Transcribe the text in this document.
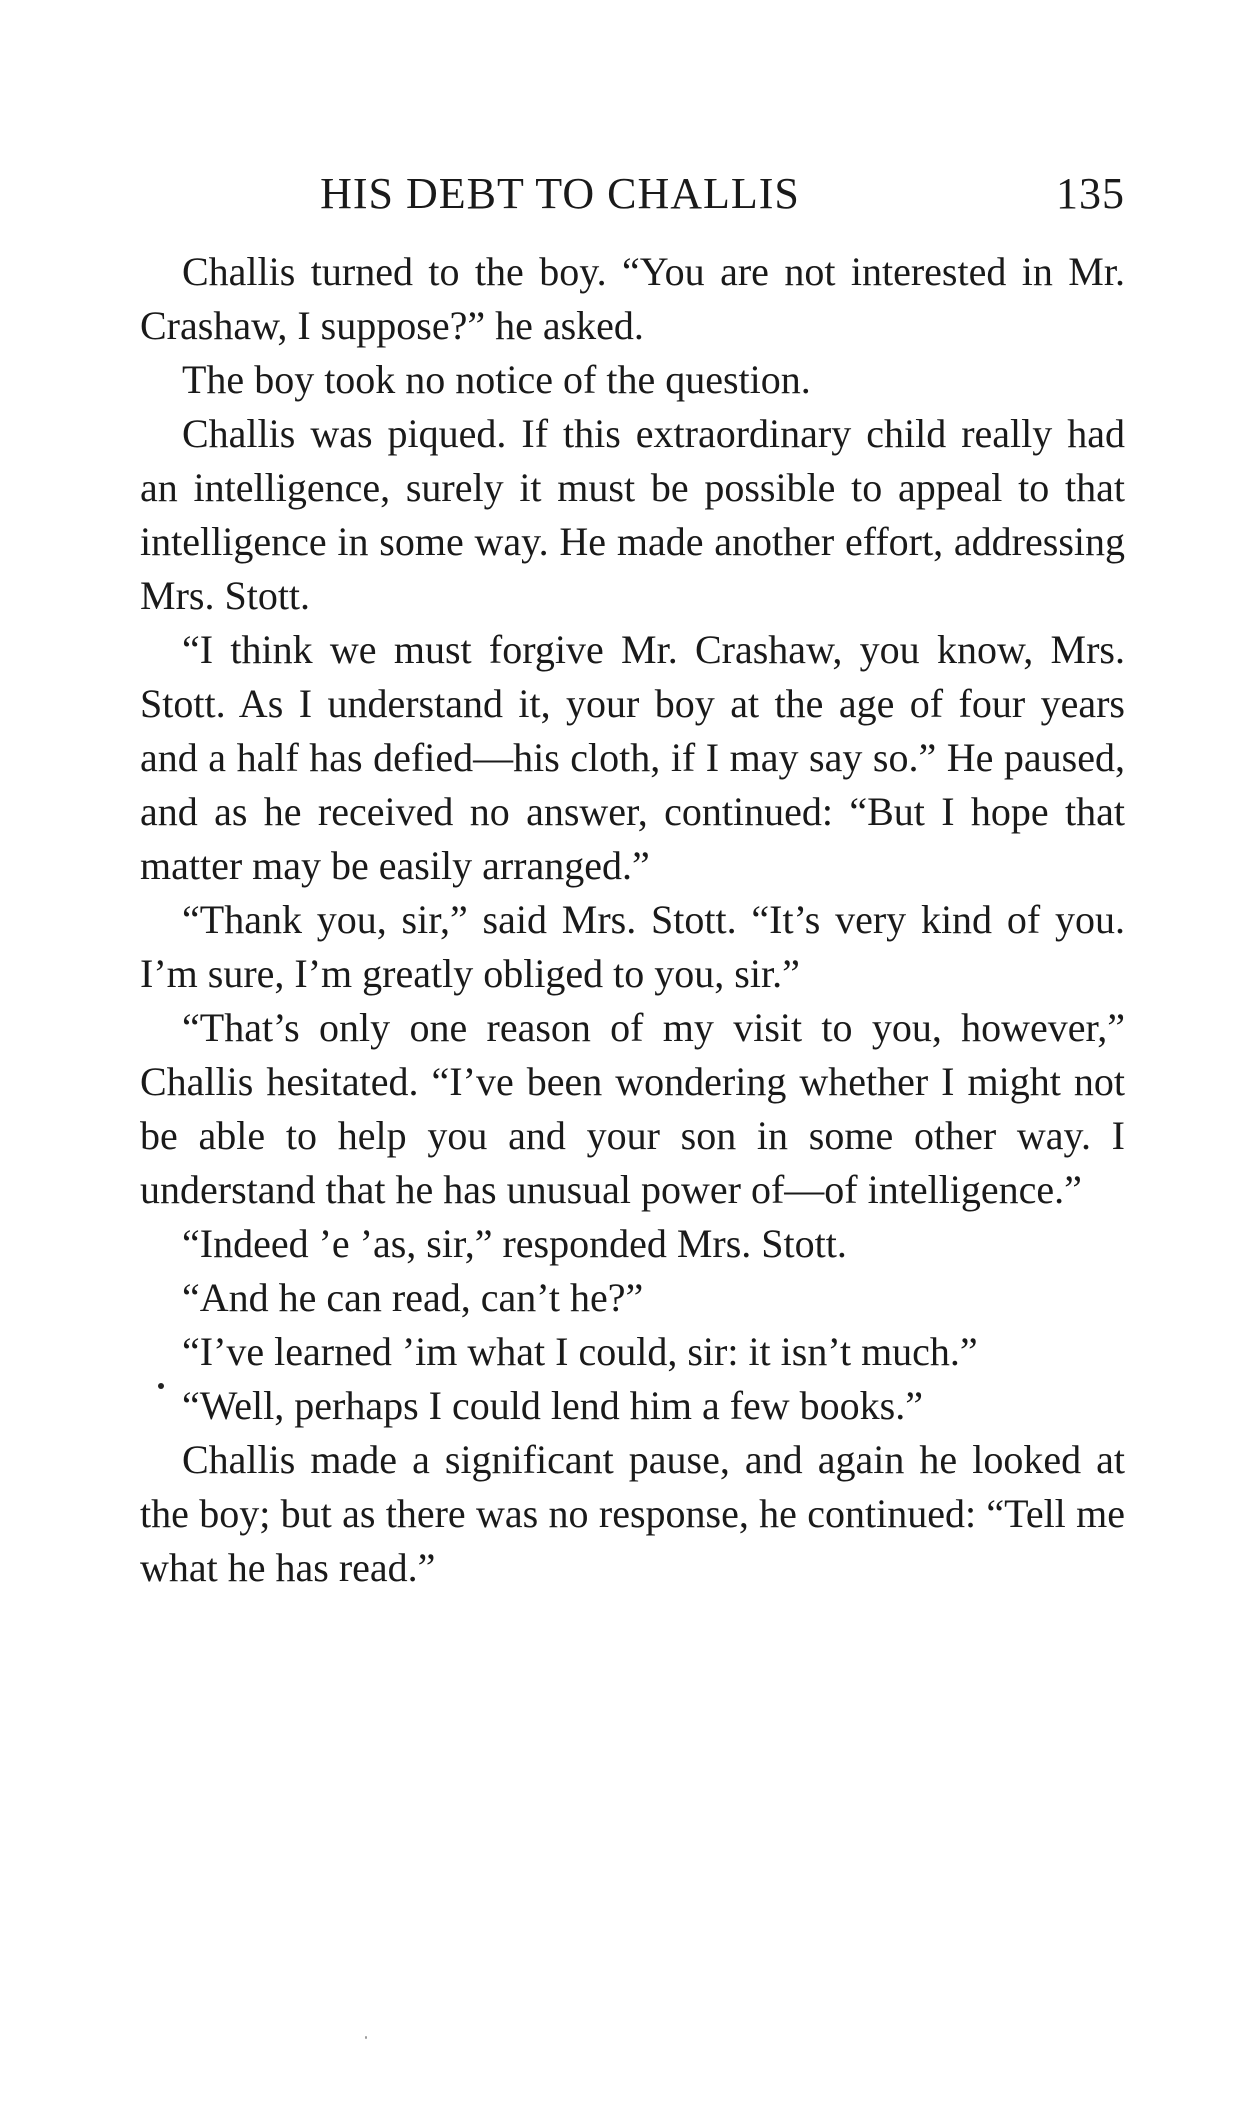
HIS DEBT TO CHALLIS	135

Challis turned to the boy. “You are not interested in Mr. Crashaw, I suppose?” he asked.

The boy took no notice of the question.

Challis was piqued. If this extraordinary child really had an intelligence, surely it must be possible to appeal to that intelligence in some way. He made another effort, addressing Mrs. Stott.

“I think we must forgive Mr. Crashaw, you know, Mrs. Stott. As I understand it, your boy at the age of four years and a half has defied—his cloth, if I may say so.” He paused, and as he received no answer, continued: “But I hope that matter may be easily arranged.”

“Thank you, sir,” said Mrs. Stott. “It’s very kind of you. I’m sure, I’m greatly obliged to you, sir.”

“That’s only one reason of my visit to you, however,” Challis hesitated. “I’ve been wondering whether I might not be able to help you and your son in some other way. I understand that he has unusual power of—of intelligence.”

“Indeed ’e ’as, sir,” responded Mrs. Stott.

“And he can read, can’t he?”

“I’ve learned ’im what I could, sir: it isn’t much.”

“Well, perhaps I could lend him a few books.”

Challis made a significant pause, and again he looked at the boy; but as there was no response, he continued: “Tell me what he has read.”
